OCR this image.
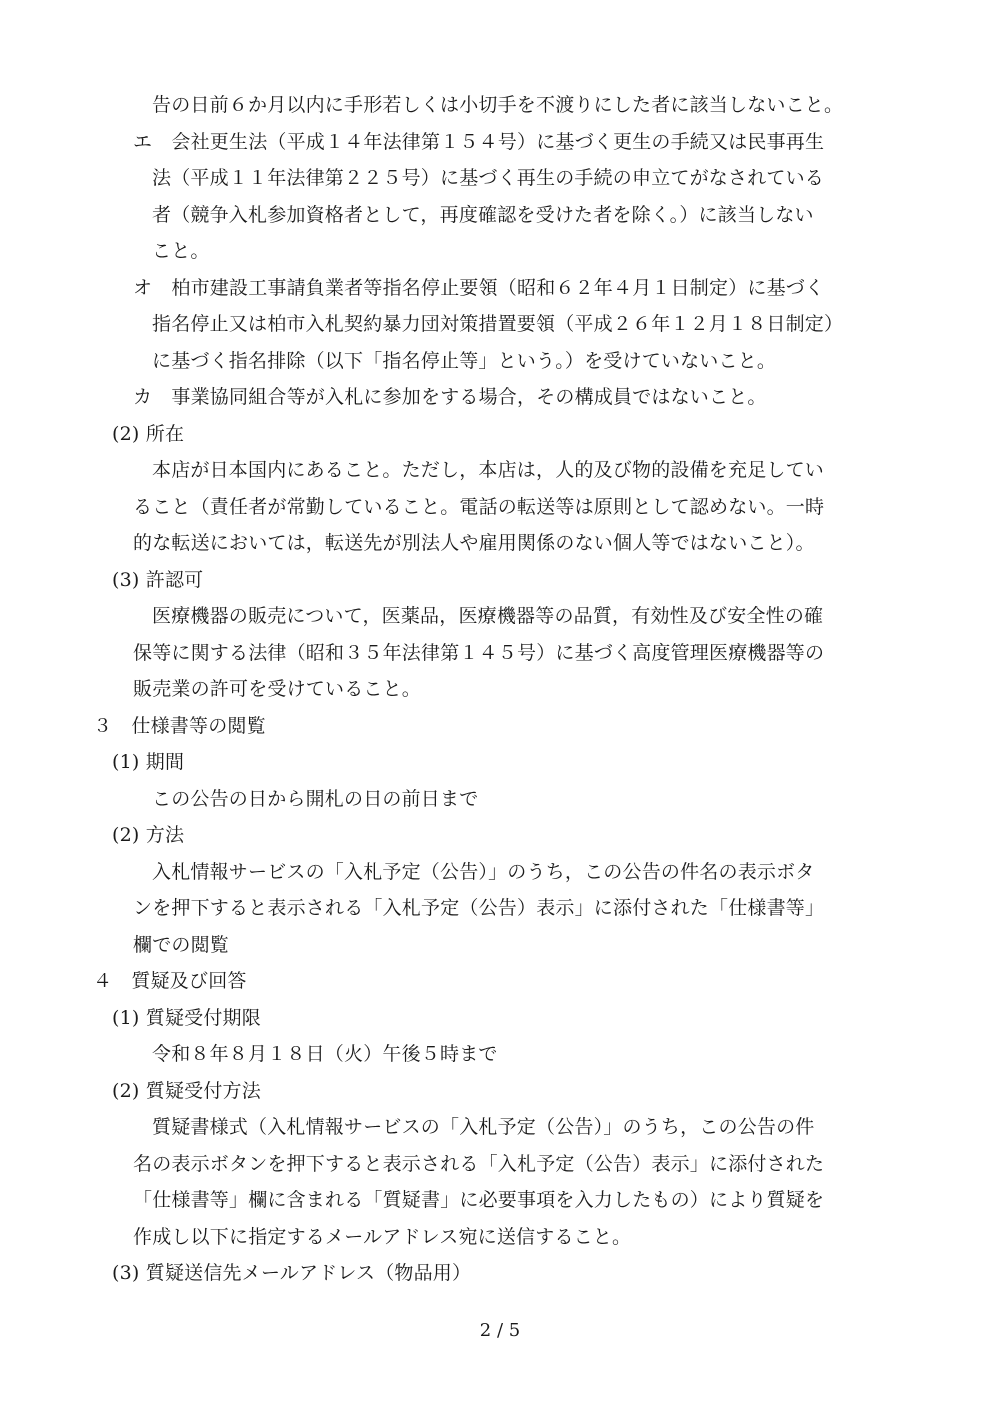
告の日前６か月以内に手形若しくは小切手を不渡りにした者に該当しないこと。
エ　会社更生法（平成１４年法律第１５４号）に基づく更生の手続又は民事再生
法（平成１１年法律第２２５号）に基づく再生の手続の申立てがなされている
者（競争入札参加資格者として，再度確認を受けた者を除く。）に該当しない
こと。
オ　柏市建設工事請負業者等指名停止要領（昭和６２年４月１日制定）に基づく
指名停止又は柏市入札契約暴力団対策措置要領（平成２６年１２月１８日制定）
に基づく指名排除（以下「指名停止等」という。）を受けていないこと。
カ　事業協同組合等が入札に参加をする場合，その構成員ではないこと。
(2) 所在
本店が日本国内にあること。ただし，本店は，人的及び物的設備を充足してい
ること（責任者が常勤していること。電話の転送等は原則として認めない。一時
的な転送においては，転送先が別法人や雇用関係のない個人等ではないこと）。
(3) 許認可
医療機器の販売について，医薬品，医療機器等の品質，有効性及び安全性の確
保等に関する法律（昭和３５年法律第１４５号）に基づく高度管理医療機器等の
販売業の許可を受けていること。
３　仕様書等の閲覧
(1) 期間
この公告の日から開札の日の前日まで
(2) 方法
入札情報サービスの「入札予定（公告）」のうち，この公告の件名の表示ボタ
ンを押下すると表示される「入札予定（公告）表示」に添付された「仕様書等」
欄での閲覧
４　質疑及び回答
(1) 質疑受付期限
令和８年８月１８日（火）午後５時まで
(2) 質疑受付方法
質疑書様式（入札情報サービスの「入札予定（公告）」のうち，この公告の件
名の表示ボタンを押下すると表示される「入札予定（公告）表示」に添付された
「仕様書等」欄に含まれる「質疑書」に必要事項を入力したもの）により質疑を
作成し以下に指定するメールアドレス宛に送信すること。
(3) 質疑送信先メールアドレス（物品用）
2 / 5
